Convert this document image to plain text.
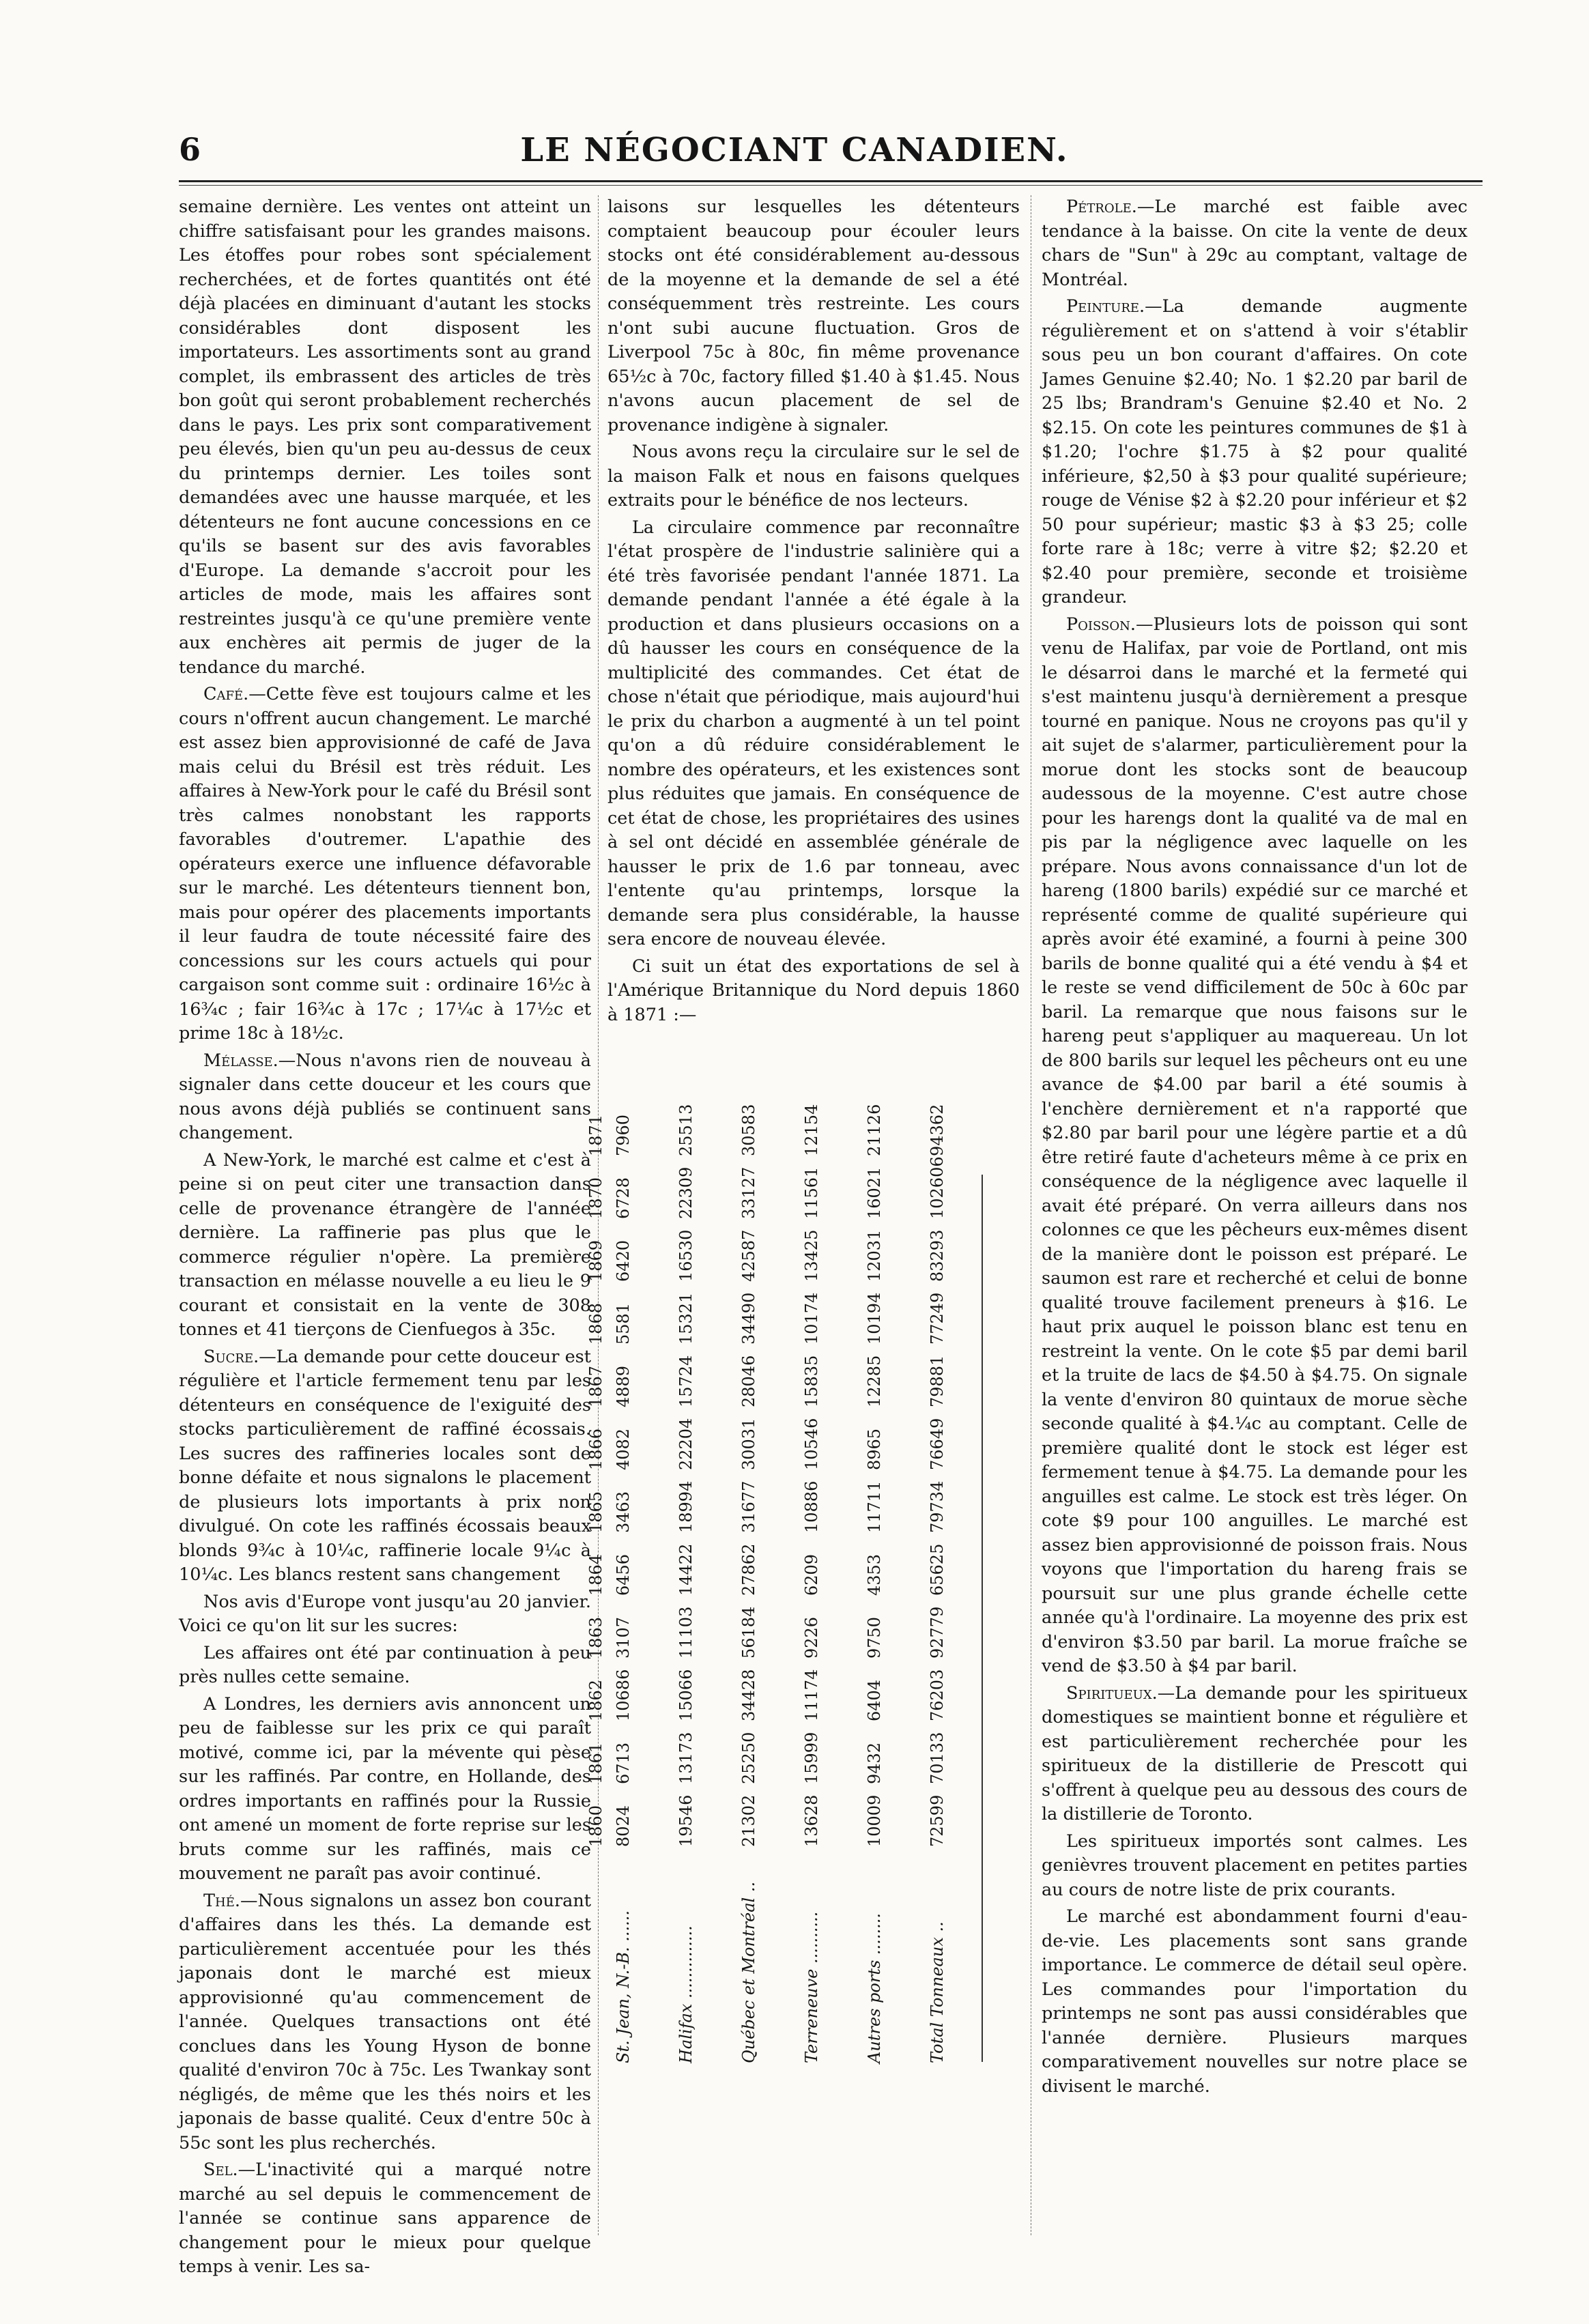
6	LE NÉGOCIANT CANADIEN.

semaine dernière. Les ventes ont atteint un chiffre satisfaisant pour les grandes maisons. Les étoffes pour robes sont spécialement recherchées, et de fortes quantités ont été déjà placées en diminuant d'autant les stocks considérables dont disposent les importateurs. Les assortiments sont au grand complet, ils embrassent des articles de très bon goût qui seront probablement recherchés dans le pays. Les prix sont comparativement peu élevés, bien qu'un peu au-dessus de ceux du printemps dernier. Les toiles sont demandées avec une hausse marquée, et les détenteurs ne font aucune concessions en ce qu'ils se basent sur des avis favorables d'Europe. La demande s'accroit pour les articles de mode, mais les affaires sont restreintes jusqu'à ce qu'une première vente aux enchères ait permis de juger de la tendance du marché.

Café.—Cette fève est toujours calme et les cours n'offrent aucun changement. Le marché est assez bien approvisionné de café de Java mais celui du Brésil est très réduit. Les affaires à New-York pour le café du Brésil sont très calmes nonobstant les rapports favorables d'outremer. L'apathie des opérateurs exerce une influence défavorable sur le marché. Les détenteurs tiennent bon, mais pour opérer des placements importants il leur faudra de toute nécessité faire des concessions sur les cours actuels qui pour cargaison sont comme suit : ordinaire 16½c à 16¾c ; fair 16¾c à 17c ; 17¼c à 17½c et prime 18c à 18½c.

Mélasse.—Nous n'avons rien de nouveau à signaler dans cette douceur et les cours que nous avons déjà publiés se continuent sans changement.

A New-York, le marché est calme et c'est à peine si on peut citer une transaction dans celle de provenance étrangère de l'année dernière. La raffinerie pas plus que le commerce régulier n'opère. La première transaction en mélasse nouvelle a eu lieu le 9 courant et consistait en la vente de 308 tonnes et 41 tierçons de Cienfuegos à 35c.

Sucre.—La demande pour cette douceur est régulière et l'article fermement tenu par les détenteurs en conséquence de l'exiguité des stocks particulièrement de raffiné écossais. Les sucres des raffineries locales sont de bonne défaite et nous signalons le placement de plusieurs lots importants à prix non divulgué. On cote les raffinés écossais beaux blonds 9¾c à 10¼c, raffinerie locale 9¼c à 10¼c. Les blancs restent sans changement

Nos avis d'Europe vont jusqu'au 20 janvier. Voici ce qu'on lit sur les sucres:

Les affaires ont été par continuation à peu près nulles cette semaine.

A Londres, les derniers avis annoncent un peu de faiblesse sur les prix ce qui paraît motivé, comme ici, par la mévente qui pèse sur les raffinés. Par contre, en Hollande, des ordres importants en raffinés pour la Russie ont amené un moment de forte reprise sur les bruts comme sur les raffinés, mais ce mouvement ne paraît pas avoir continué.

Thé.—Nous signalons un assez bon courant d'affaires dans les thés. La demande est particulièrement accentuée pour les thés japonais dont le marché est mieux approvisionné qu'au commencement de l'année. Quelques transactions ont été conclues dans les Young Hyson de bonne qualité d'environ 70c à 75c. Les Twankay sont négligés, de même que les thés noirs et les japonais de basse qualité. Ceux d'entre 50c à 55c sont les plus recherchés.

Sel.—L'inactivité qui a marqué notre marché au sel depuis le commencement de l'année se continue sans apparence de changement pour le mieux pour quelque temps à venir. Les sa-

laisons sur lesquelles les détenteurs comptaient beaucoup pour écouler leurs stocks ont été considérablement au-dessous de la moyenne et la demande de sel a été conséquemment très restreinte. Les cours n'ont subi aucune fluctuation. Gros de Liverpool 75c à 80c, fin même provenance 65½c à 70c, factory filled $1.40 à $1.45. Nous n'avons aucun placement de sel de provenance indigène à signaler.

Nous avons reçu la circulaire sur le sel de la maison Falk et nous en faisons quelques extraits pour le bénéfice de nos lecteurs.

La circulaire commence par reconnaître l'état prospère de l'industrie salinière qui a été très favorisée pendant l'année 1871. La demande pendant l'année a été égale à la production et dans plusieurs occasions on a dû hausser les cours en conséquence de la multiplicité des commandes. Cet état de chose n'était que périodique, mais aujourd'hui le prix du charbon a augmenté à un tel point qu'on a dû réduire considérablement le nombre des opérateurs, et les existences sont plus réduites que jamais. En conséquence de cet état de chose, les propriétaires des usines à sel ont décidé en assemblée générale de hausser le prix de 1.6 par tonneau, avec l'entente qu'au printemps, lorsque la demande sera plus considérable, la hausse sera encore de nouveau élevée.

Ci suit un état des exportations de sel à l'Amérique Britannique du Nord depuis 1860 à 1871 :—

St. Jean, N.-B. ......
8024
6713
10686
3107
6456
3463
4082
4889
5581
6420
6728
7960
Halifax ..............
19546
13173
15066
11103
14422
18994
22204
15724
15321
16530
22309
25513
Québec et Montréal ..
21302
25250
34428
56184
27862
31677
30031
28046
34490
42587
33127
30583
Terreneuve ..........
13628
15999
11174
9226
6209
10886
10546
15835
10174
13425
11561
12154
Autres ports ........
10009
9432
6404
9750
4353
11711
8965
12285
10194
12031
16021
21126
Total Tonneaux ..
72599
70133
76203
92779
65625
79734
76649
79881
77249
83293
102606
94362
1860
1861
1862
1863
1864
1865
1866
1867
1868
1869
1870
1871

Pétrole.—Le marché est faible avec tendance à la baisse. On cite la vente de deux chars de "Sun" à 29c au comptant, valtage de Montréal.

Peinture.—La demande augmente régulièrement et on s'attend à voir s'établir sous peu un bon courant d'affaires. On cote James Genuine $2.40; No. 1 $2.20 par baril de 25 lbs; Brandram's Genuine $2.40 et No. 2 $2.15. On cote les peintures communes de $1 à $1.20; l'ochre $1.75 à $2 pour qualité inférieure, $2,50 à $3 pour qualité supérieure; rouge de Vénise $2 à $2.20 pour inférieur et $2 50 pour supérieur; mastic $3 à $3 25; colle forte rare à 18c; verre à vitre $2; $2.20 et $2.40 pour première, seconde et troisième grandeur.

Poisson.—Plusieurs lots de poisson qui sont venu de Halifax, par voie de Portland, ont mis le désarroi dans le marché et la fermeté qui s'est maintenu jusqu'à dernièrement a presque tourné en panique. Nous ne croyons pas qu'il y ait sujet de s'alarmer, particulièrement pour la morue dont les stocks sont de beaucoup audessous de la moyenne. C'est autre chose pour les harengs dont la qualité va de mal en pis par la négligence avec laquelle on les prépare. Nous avons connaissance d'un lot de hareng (1800 barils) expédié sur ce marché et représenté comme de qualité supérieure qui après avoir été examiné, a fourni à peine 300 barils de bonne qualité qui a été vendu à $4 et le reste se vend difficilement de 50c à 60c par baril. La remarque que nous faisons sur le hareng peut s'appliquer au maquereau. Un lot de 800 barils sur lequel les pêcheurs ont eu une avance de $4.00 par baril a été soumis à l'enchère dernièrement et n'a rapporté que $2.80 par baril pour une légère partie et a dû être retiré faute d'acheteurs même à ce prix en conséquence de la négligence avec laquelle il avait été préparé. On verra ailleurs dans nos colonnes ce que les pêcheurs eux-mêmes disent de la manière dont le poisson est préparé. Le saumon est rare et recherché et celui de bonne qualité trouve facilement preneurs à $16. Le haut prix auquel le poisson blanc est tenu en restreint la vente. On le cote $5 par demi baril et la truite de lacs de $4.50 à $4.75. On signale la vente d'environ 80 quintaux de morue sèche seconde qualité à $4.¼c au comptant. Celle de première qualité dont le stock est léger est fermement tenue à $4.75. La demande pour les anguilles est calme. Le stock est très léger. On cote $9 pour 100 anguilles. Le marché est assez bien approvisionné de poisson frais. Nous voyons que l'importation du hareng frais se poursuit sur une plus grande échelle cette année qu'à l'ordinaire. La moyenne des prix est d'environ $3.50 par baril. La morue fraîche se vend de $3.50 à $4 par baril.

Spiritueux.—La demande pour les spiritueux domestiques se maintient bonne et régulière et est particulièrement recherchée pour les spiritueux de la distillerie de Prescott qui s'offrent à quelque peu au dessous des cours de la distillerie de Toronto.

Les spiritueux importés sont calmes. Les genièvres trouvent placement en petites parties au cours de notre liste de prix courants.

Le marché est abondamment fourni d'eau-de-vie. Les placements sont sans grande importance. Le commerce de détail seul opère. Les commandes pour l'importation du printemps ne sont pas aussi considérables que l'année dernière. Plusieurs marques comparativement nouvelles sur notre place se divisent le marché.
